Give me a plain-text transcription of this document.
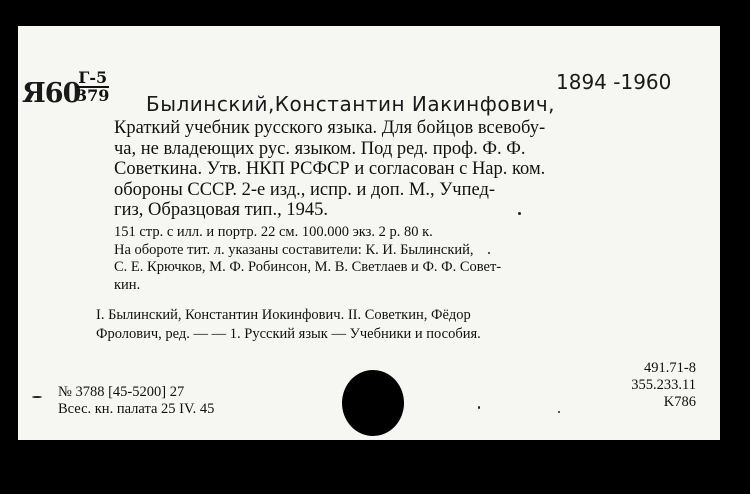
Я60
Г-5
379
1894 -1960
Былинский,Константин Иакинфович,
Краткий учебник русского языка. Для бойцов всевобу-
ча, не владеющих рус. языком. Под ред. проф. Ф. Ф.
Советкина. Утв. НКП РСФСР и согласован с Нар. ком.
обороны СССР. 2-е изд., испр. и доп. М., Учпед-
гиз, Образцовая тип., 1945.
151 стр. с илл. и портр. 22 см. 100.000 экз. 2 р. 80 к.
На обороте тит. л. указаны составители: К. И. Былинский,
С. Е. Крючков, М. Ф. Робинсон, М. В. Светлаев и Ф. Ф. Совет-
кин.
I. Былинский, Константин Иокинфович. II. Советкин, Фёдор
Фролович, ред. — — 1. Русский язык — Учебники и пособия.
№ 3788 [45-5200] 27
Всес. кн. палата 25 IV. 45
491.71-8
355.233.11
K786
